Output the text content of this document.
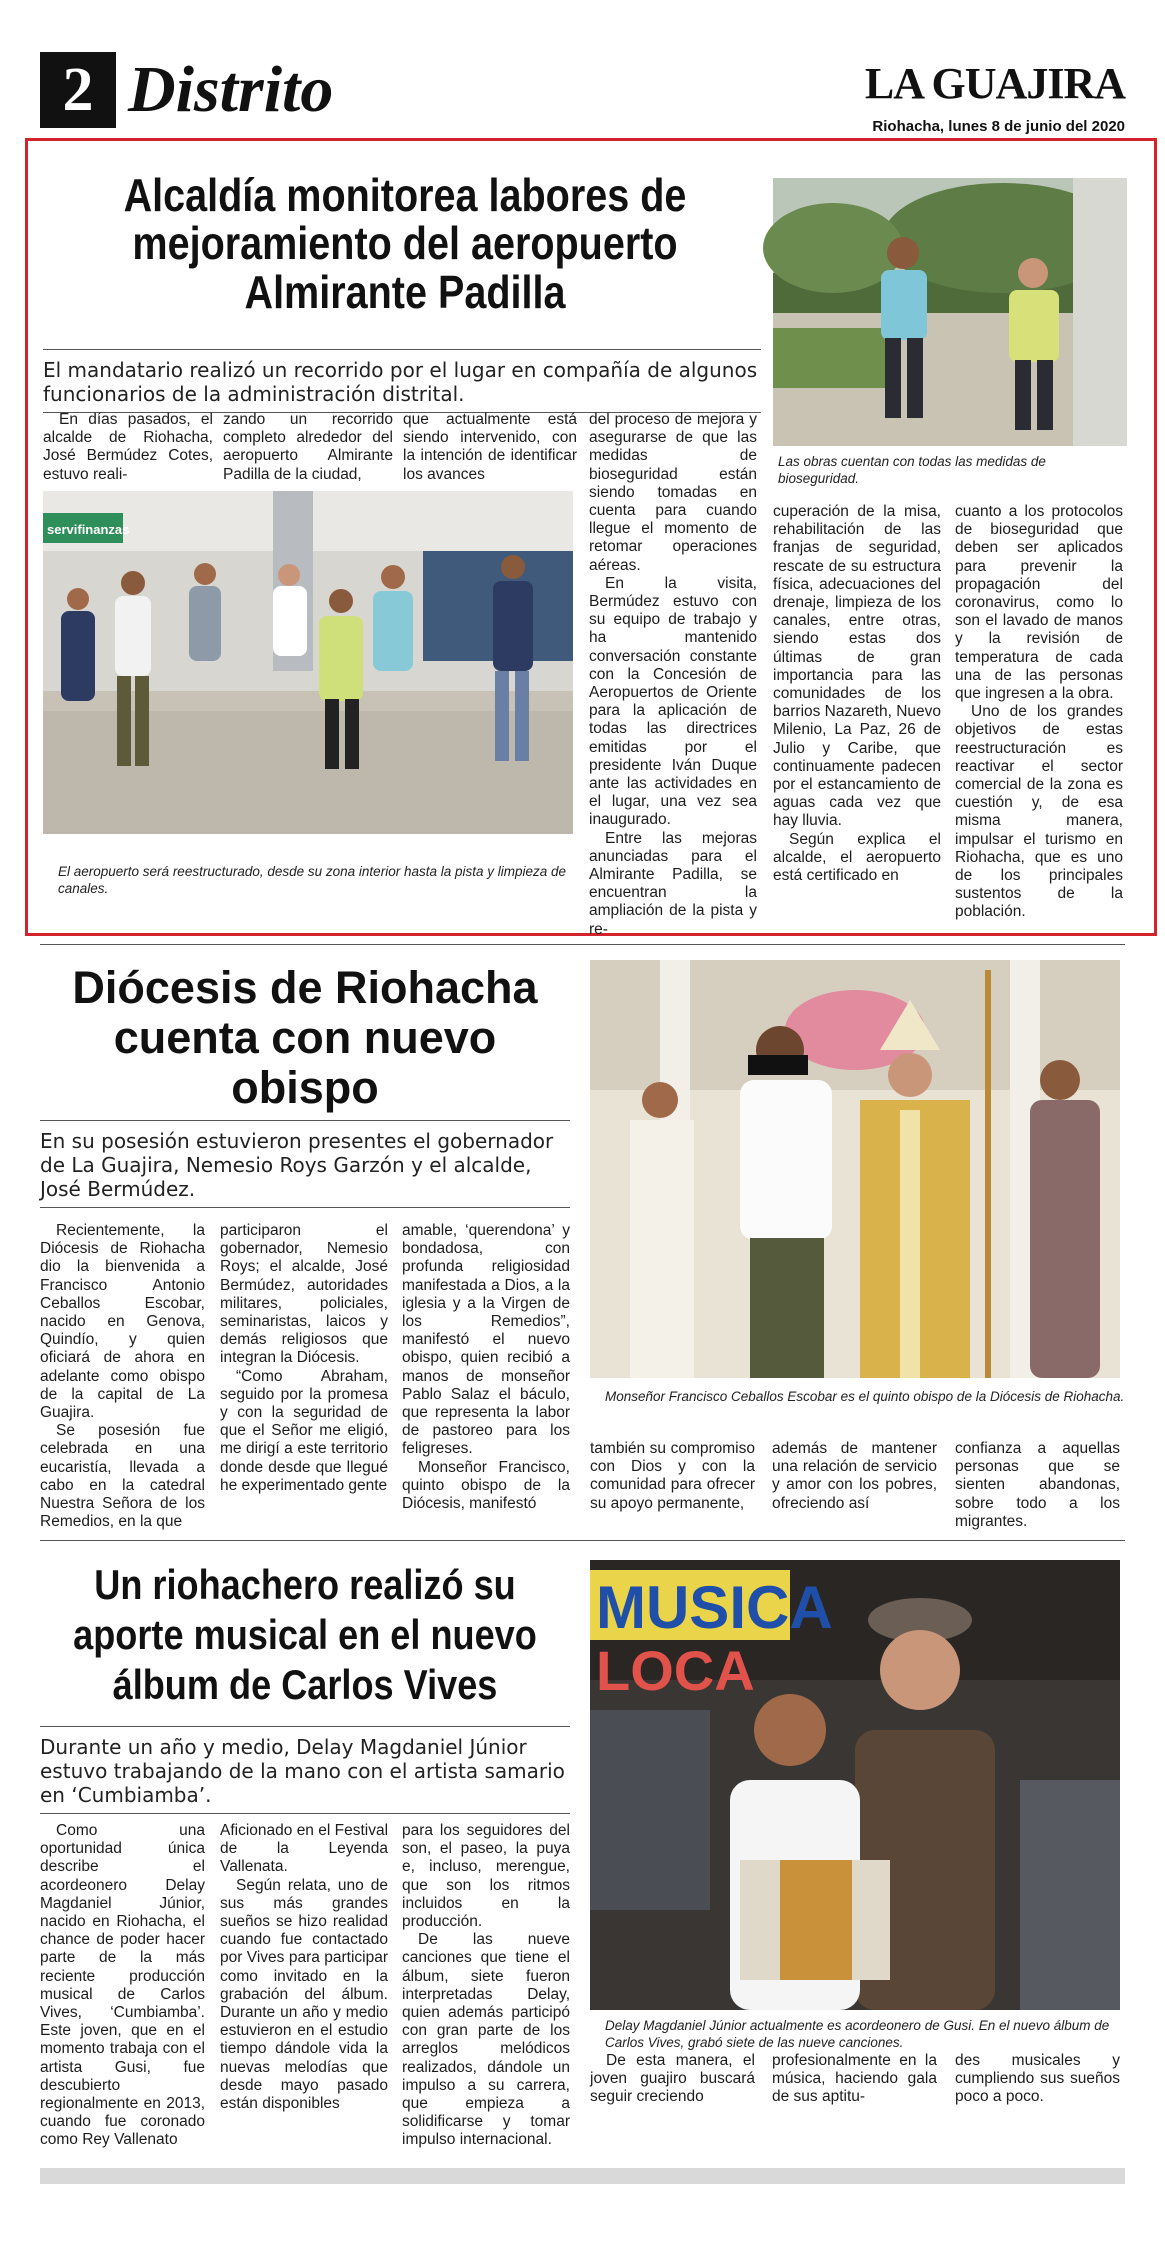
2 Distrito	LA GUAJIRA
Riohacha, lunes 8 de junio del 2020
Alcaldía monitorea labores de mejoramiento del aeropuerto Almirante Padilla
Las obras cuentan con todas las medidas de bioseguridad.
El mandatario realizó un recorrido por el lugar en compañía de algunos funcionarios de la administración distrital.

En días pasados, el alcalde de Riohacha, José Bermúdez Cotes, estuvo reali-

zando un recorrido completo alrededor del aeropuerto Almirante Padilla de la ciudad,

que actualmente está siendo intervenido, con la intención de identificar los avances

del proceso de mejora y asegurarse de que las medidas de bioseguridad están siendo tomadas en cuenta para cuando llegue el momento de retomar operaciones aéreas.

En la visita, Bermúdez estuvo con su equipo de trabajo y ha mantenido conversación constante con la Concesión de Aeropuertos de Oriente para la aplicación de todas las directrices emitidas por el presidente Iván Duque ante las actividades en el lugar, una vez sea inaugurado.

Entre las mejoras anunciadas para el Almirante Padilla, se encuentran la ampliación de la pista y re-

cuperación de la misa, rehabilitación de las franjas de seguridad, rescate de su estructura física, adecuaciones del drenaje, limpieza de los canales, entre otras, siendo estas dos últimas de gran importancia para las comunidades de los barrios Nazareth, Nuevo Milenio, La Paz, 26 de Julio y Caribe, que continuamente padecen por el estancamiento de aguas cada vez que hay lluvia.

Según explica el alcalde, el aeropuerto está certificado en

cuanto a los protocolos de bioseguridad que deben ser aplicados para prevenir la propagación del coronavirus, como lo son el lavado de manos y la revisión de temperatura de cada una de las personas que ingresen a la obra.

Uno de los grandes objetivos de estas reestructuración es reactivar el sector comercial de la zona es cuestión y, de esa misma manera, impulsar el turismo en Riohacha, que es uno de los principales sustentos de la población.

servifinanzas
El aeropuerto será reestructurado, desde su zona interior hasta la pista y limpieza de canales.
Diócesis de Riohacha cuenta con nuevo obispo
Monseñor Francisco Ceballos Escobar es el quinto obispo de la Diócesis de Riohacha.
En su posesión estuvieron presentes el gobernador de La Guajira, Nemesio Roys Garzón y el alcalde, José Bermúdez.

Recientemente, la Diócesis de Riohacha dio la bienvenida a Francisco Antonio Ceballos Escobar, nacido en Genova, Quindío, y quien oficiará de ahora en adelante como obispo de la capital de La Guajira.

Se posesión fue celebrada en una eucaristía, llevada a cabo en la catedral Nuestra Señora de los Remedios, en la que

participaron el gobernador, Nemesio Roys; el alcalde, José Bermúdez, autoridades militares, policiales, seminaristas, laicos y demás religiosos que integran la Diócesis.

“Como Abraham, seguido por la promesa y con la seguridad de que el Señor me eligió, me dirigí a este territorio donde desde que llegué he experimentado gente

amable, ‘querendona’ y bondadosa, con profunda religiosidad manifestada a Dios, a la iglesia y a la Virgen de los Remedios”, manifestó el nuevo obispo, quien recibió a manos de monseñor Pablo Salaz el báculo, que representa la labor de pastoreo para los feligreses.

Monseñor Francisco, quinto obispo de la Diócesis, manifestó

también su compromiso con Dios y con la comunidad para ofrecer su apoyo permanente,

además de mantener una relación de servicio y amor con los pobres, ofreciendo así

confianza a aquellas personas que se sienten abandonas, sobre todo a los migrantes.

Un riohachero realizó su aporte musical en el nuevo álbum de Carlos Vives
MUSICA
LOCA
Delay Magdaniel Júnior actualmente es acordeonero de Gusi. En el nuevo álbum de Carlos Vives, grabó siete de las nueve canciones.
Durante un año y medio, Delay Magdaniel Júnior estuvo trabajando de la mano con el artista samario en ‘Cumbiamba’.

Como una oportunidad única describe el acordeonero Delay Magdaniel Júnior, nacido en Riohacha, el chance de poder hacer parte de la más reciente producción musical de Carlos Vives, ‘Cumbiamba’. Este joven, que en el momento trabaja con el artista Gusi, fue descubierto regionalmente en 2013, cuando fue coronado como Rey Vallenato

Aficionado en el Festival de la Leyenda Vallenata.

Según relata, uno de sus más grandes sueños se hizo realidad cuando fue contactado por Vives para participar como invitado en la grabación del álbum. Durante un año y medio estuvieron en el estudio tiempo dándole vida la nuevas melodías que desde mayo pasado están disponibles

para los seguidores del son, el paseo, la puya e, incluso, merengue, que son los ritmos incluidos en la producción.

De las nueve canciones que tiene el álbum, siete fueron interpretadas Delay, quien además participó con gran parte de los arreglos melódicos realizados, dándole un impulso a su carrera, que empieza a solidificarse y tomar impulso internacional.

De esta manera, el joven guajiro buscará seguir creciendo

profesionalmente en la música, haciendo gala de sus aptitu-

des musicales y cumpliendo sus sueños poco a poco.
